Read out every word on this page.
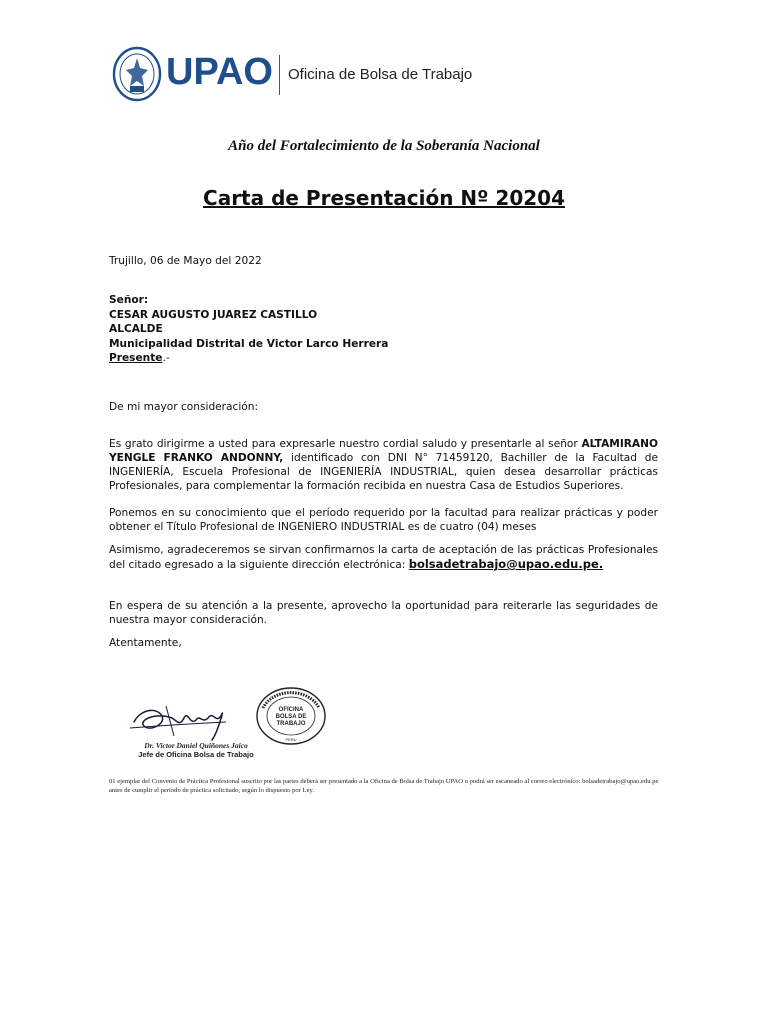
UPAO Oficina de Bolsa de Trabajo
Año del Fortalecimiento de la Soberanía Nacional
Carta de Presentación Nº 20204
Trujillo, 06 de Mayo del 2022
Señor:
CESAR AUGUSTO JUAREZ CASTILLO
ALCALDE
Municipalidad Distrital de Victor Larco Herrera
Presente.-
De mi mayor consideración:
Es grato dirigirme a usted para expresarle nuestro cordial saludo y presentarle al señor ALTAMIRANO YENGLE FRANKO ANDONNY, identificado con DNI N° 71459120, Bachiller de la Facultad de INGENIERÍA, Escuela Profesional de INGENIERÍA INDUSTRIAL, quien desea desarrollar prácticas Profesionales, para complementar la formación recibida en nuestra Casa de Estudios Superiores.
Ponemos en su conocimiento que el período requerido por la facultad para realizar prácticas y poder obtener el Título Profesional de INGENIERO INDUSTRIAL es de cuatro (04) meses
Asimismo, agradeceremos se sirvan confirmarnos la carta de aceptación de las prácticas Profesionales del citado egresado a la siguiente dirección electrónica: bolsadetrabajo@upao.edu.pe.
En espera de su atención a la presente, aprovecho la oportunidad para reiterarle las seguridades de nuestra mayor consideración.
Atentamente,
Dr. Victor Daniel Quiñones Jaico
Jefe de Oficina Bolsa de Trabajo
OFICINA
BOLSA DE
TRABAJO
PERU
01 ejemplar del Convenio de Práctica Profesional suscrito por las partes deberá ser presentado a la Oficina de Bolsa de Trabajo UPAO o podrá ser escaneado al correo electrónico: bolsadetrabajo@upao.edu.pe antes de cumplir el periodo de práctica solicitado, según lo dispuesto por Ley.
